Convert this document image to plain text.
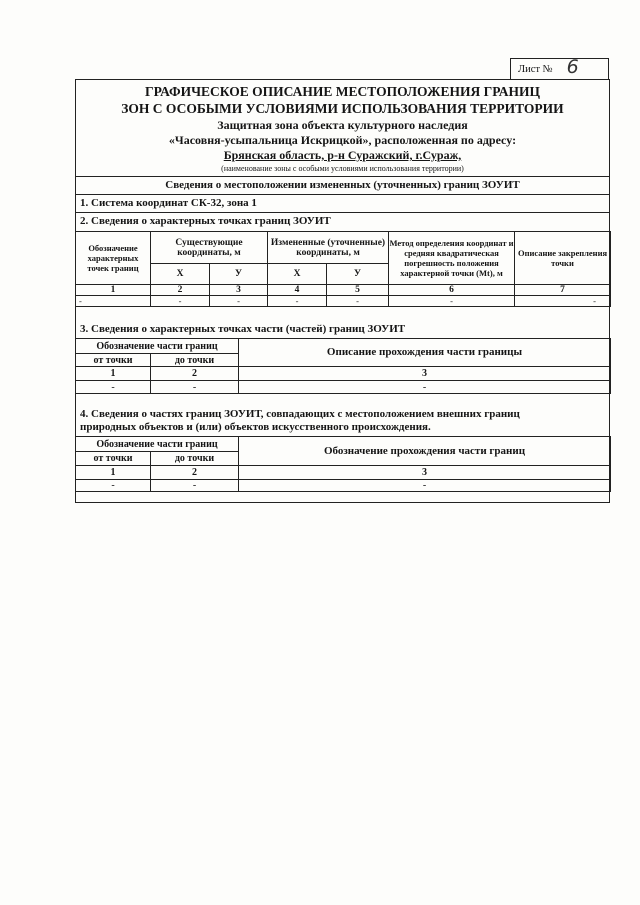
Лист № 6
ГРАФИЧЕСКОЕ ОПИСАНИЕ МЕСТОПОЛОЖЕНИЯ ГРАНИЦ
ЗОН С ОСОБЫМИ УСЛОВИЯМИ ИСПОЛЬЗОВАНИЯ ТЕРРИТОРИИ
Защитная зона объекта культурного наследия
«Часовня-усыпальница Искрицкой», расположенная по адресу:
Брянская область, р-н Суражский, г.Сураж,
(наименование зоны с особыми условиями использования территории)
Сведения о местоположении измененных (уточненных) границ ЗОУИТ
1. Система координат СК-32, зона 1
2. Сведения о характерных точках границ ЗОУИТ
Обозначение характерных точек границ	Существующие координаты, м		Измененные (уточненные) координаты, м		Метод определения координат и средняя квадратическая погрешность положения характерной точки (Mt), м	Описание закрепления точки
	Х	У	Х	У		
1	2	3	4	5	6	7
-	-	-	-	-	-	-
3. Сведения о характерных точках части (частей) границ ЗОУИТ
Обозначение части границ		Описание прохождения части границы
от точки	до точки	
1	2	3
-	-	-
4. Сведения о частях границ ЗОУИТ, совпадающих с местоположением внешних границ природных объектов и (или) объектов искусственного происхождения.
Обозначение части границ		Обозначение прохождения части границ
от точки	до точки	
1	2	3
-	-	-
